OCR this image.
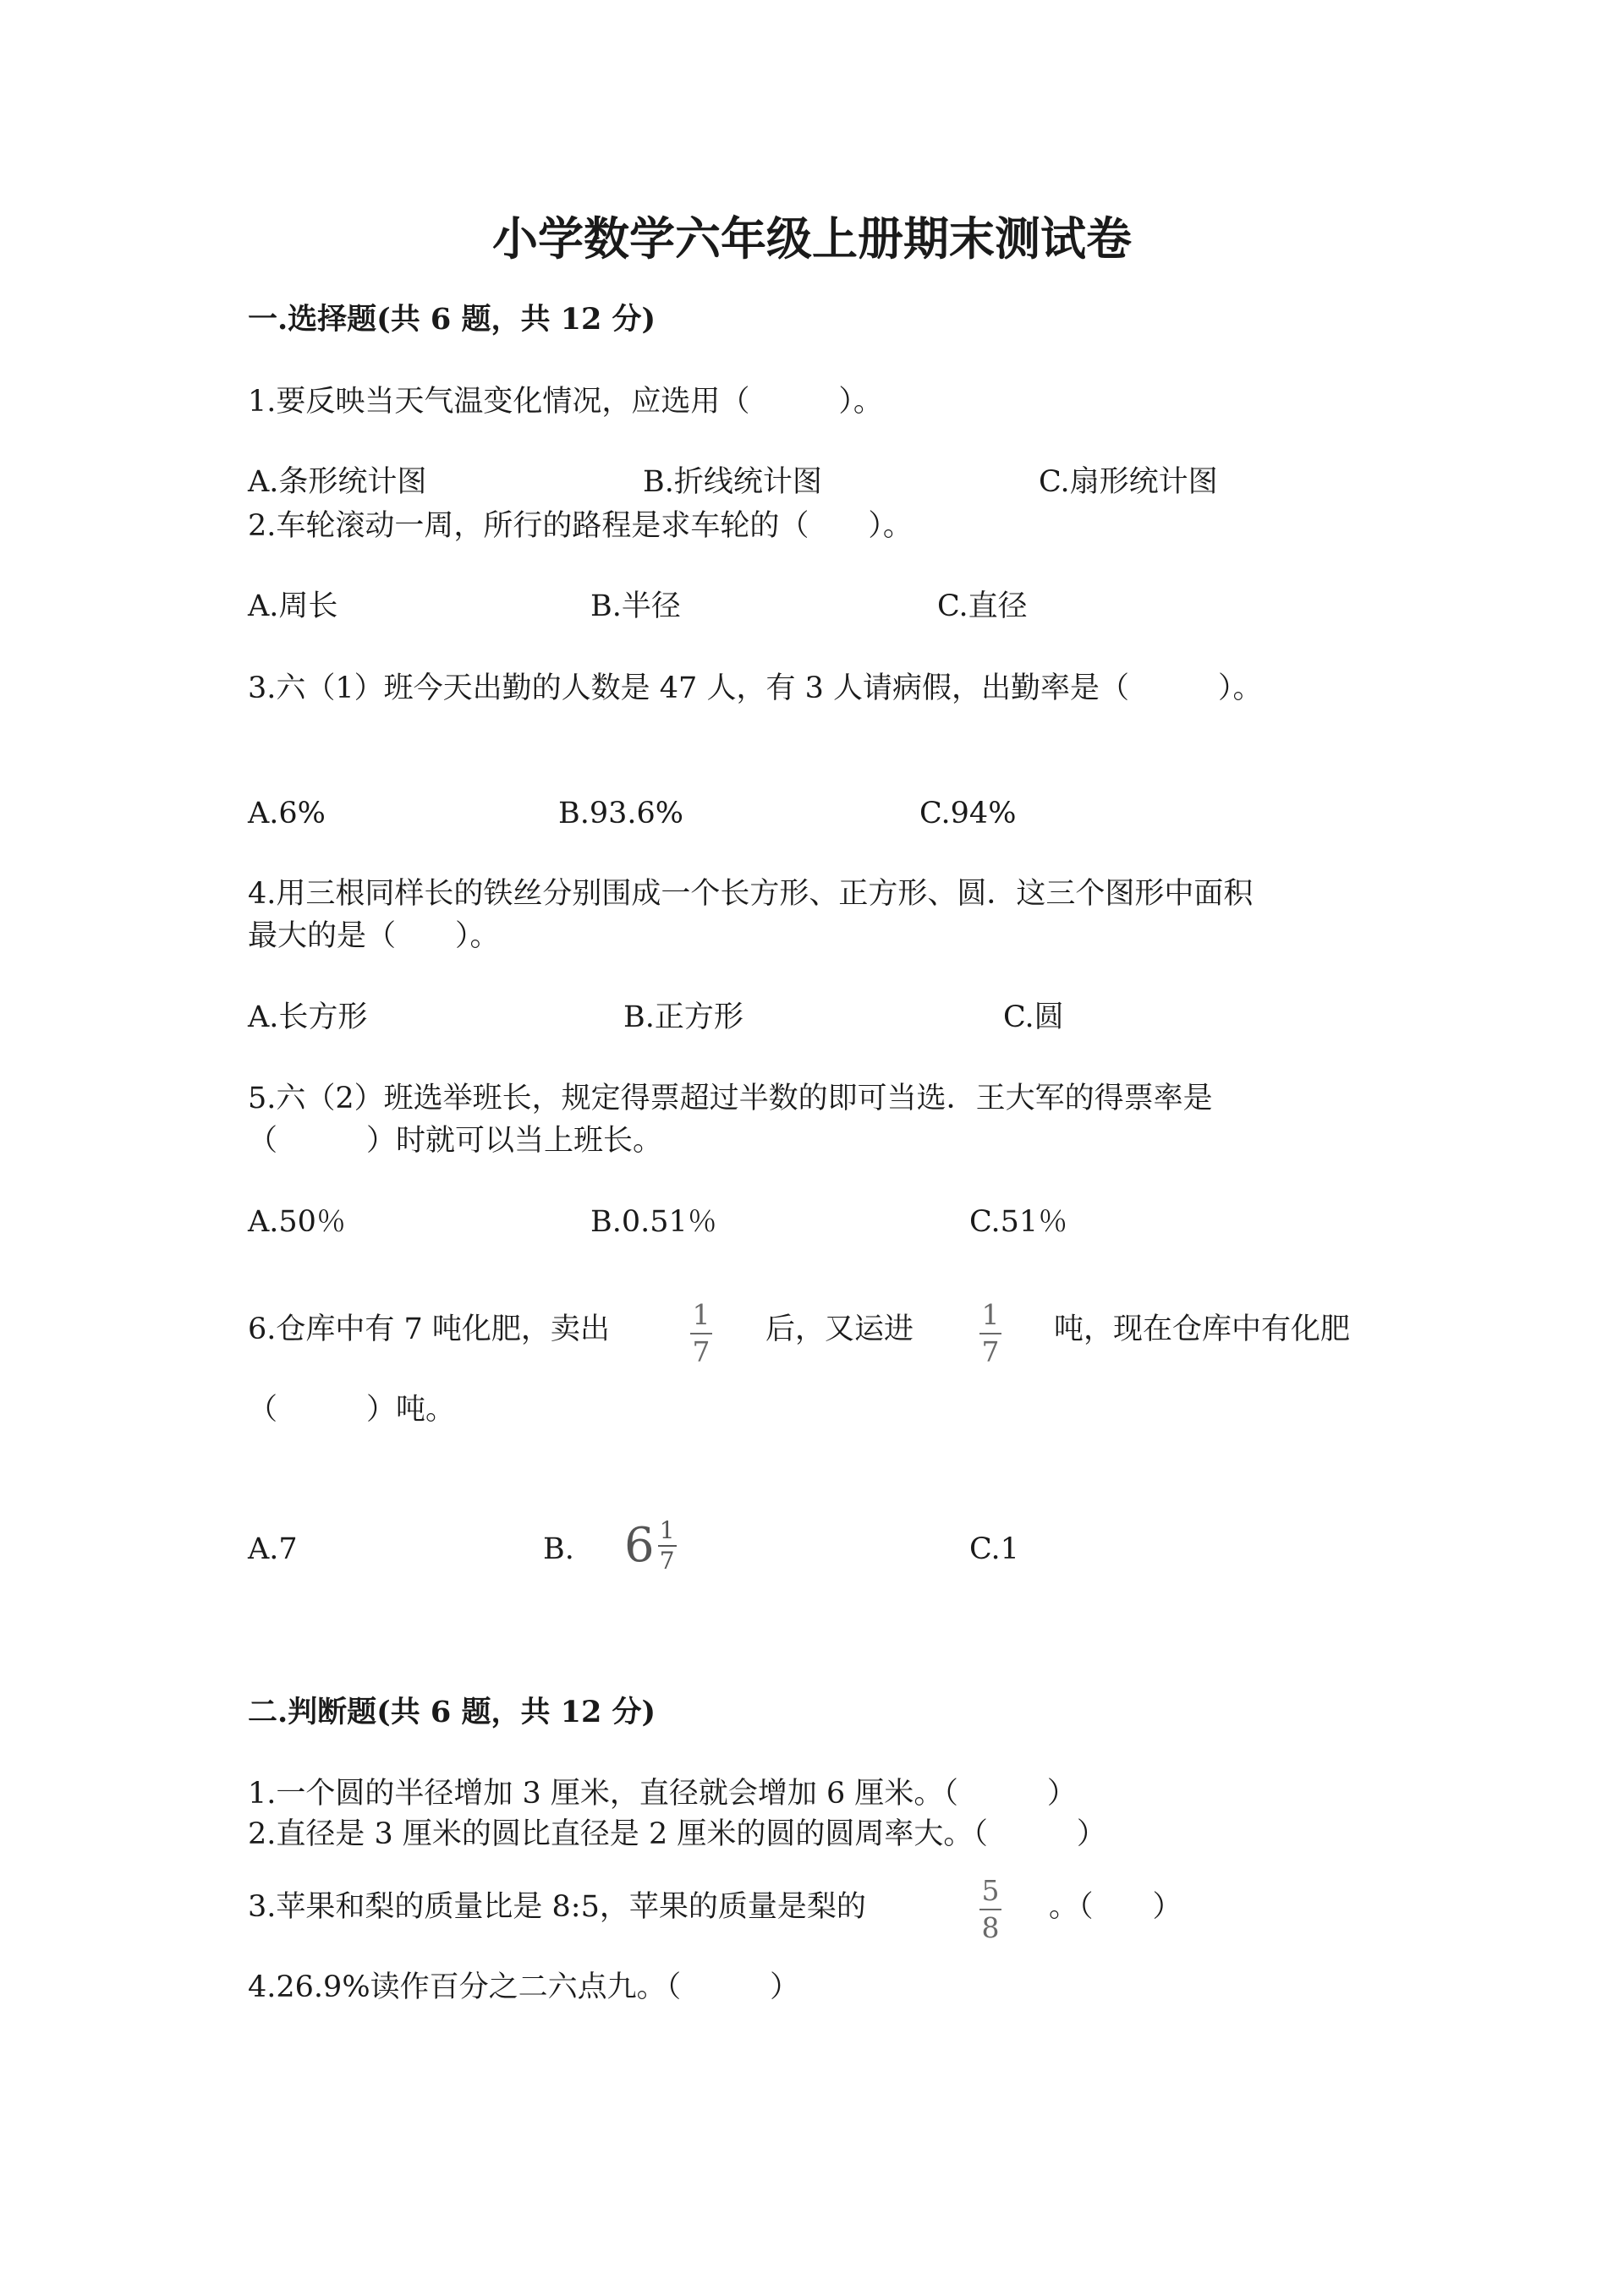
小学数学六年级上册期末测试卷
一.选择题(共 6 题，共 12 分)
1.要反映当天气温变化情况，应选用（　　　）。
A.条形统计图	B.折线统计图	C.扇形统计图
2.车轮滚动一周，所行的路程是求车轮的（　　）。
A.周长	B.半径	C.直径
3.六（1）班今天出勤的人数是 47 人，有 3 人请病假，出勤率是（　　　）。
A.6%	B.93.6%	C.94%
4.用三根同样长的铁丝分别围成一个长方形、正方形、圆．这三个图形中面积
最大的是（　　）。
A.长方形	B.正方形	C.圆
5.六（2）班选举班长，规定得票超过半数的即可当选．王大军的得票率是
（　　　）时就可以当上班长。
A.50％	B.0.51％	C.51％
6.仓库中有 7 吨化肥，卖出	1
7
后，又运进 1
7
吨，现在仓库中有化肥
（　　　）吨。
A.7	B. 6 1
7	C.1
二.判断题(共 6 题，共 12 分)
1.一个圆的半径增加 3 厘米，直径就会增加 6 厘米。（　　　）
2.直径是 3 厘米的圆比直径是 2 厘米的圆的圆周率大。（　　　）
3.苹果和梨的质量比是 8:5，苹果的质量是梨的	5
8
。（　　）
4.26.9%读作百分之二六点九。（　　　）
